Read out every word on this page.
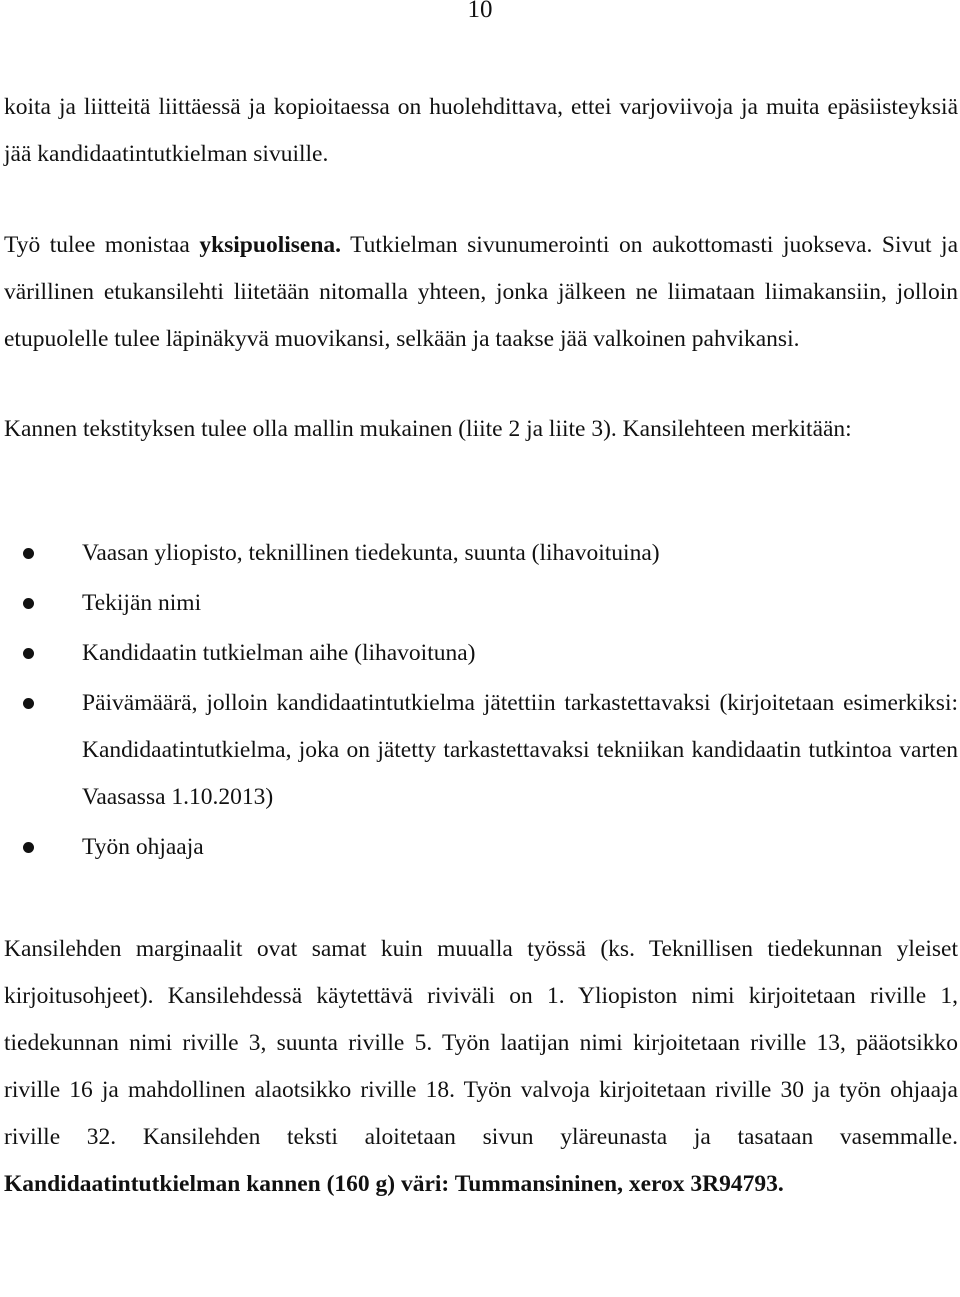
10

koita ja liitteitä liittäessä ja kopioitaessa on huolehdittava, ettei varjoviivoja ja muita epäsiisteyksiä jää kandidaatintutkielman sivuille.

Työ tulee monistaa yksipuolisena. Tutkielman sivunumerointi on aukottomasti juokseva. Sivut ja värillinen etukansilehti liitetään nitomalla yhteen, jonka jälkeen ne liimataan liimakansiin, jolloin etupuolelle tulee läpinäkyvä muovikansi, selkään ja taakse jää valkoinen pahvikansi.

Kannen tekstityksen tulee olla mallin mukainen (liite 2 ja liite 3). Kansilehteen merkitään:

Vaasan yliopisto, teknillinen tiedekunta, suunta (lihavoituina)
Tekijän nimi
Kandidaatin tutkielman aihe (lihavoituna)
Päivämäärä, jolloin kandidaatintutkielma jätettiin tarkastettavaksi (kirjoitetaan esimerkiksi: Kandidaatintutkielma, joka on jätetty tarkastettavaksi tekniikan kandidaatin tutkintoa varten Vaasassa 1.10.2013)
Työn ohjaaja

Kansilehden marginaalit ovat samat kuin muualla työssä (ks. Teknillisen tiedekunnan yleiset kirjoitusohjeet). Kansilehdessä käytettävä riviväli on 1. Yliopiston nimi kirjoitetaan riville 1, tiedekunnan nimi riville 3, suunta riville 5. Työn laatijan nimi kirjoitetaan riville 13, pääotsikko riville 16 ja mahdollinen alaotsikko riville 18. Työn valvoja kirjoitetaan riville 30 ja työn ohjaaja riville 32. Kansilehden teksti aloitetaan sivun yläreunasta ja tasataan vasemmalle. Kandidaatintutkielman kannen (160 g) väri: Tummansininen, xerox 3R94793.
